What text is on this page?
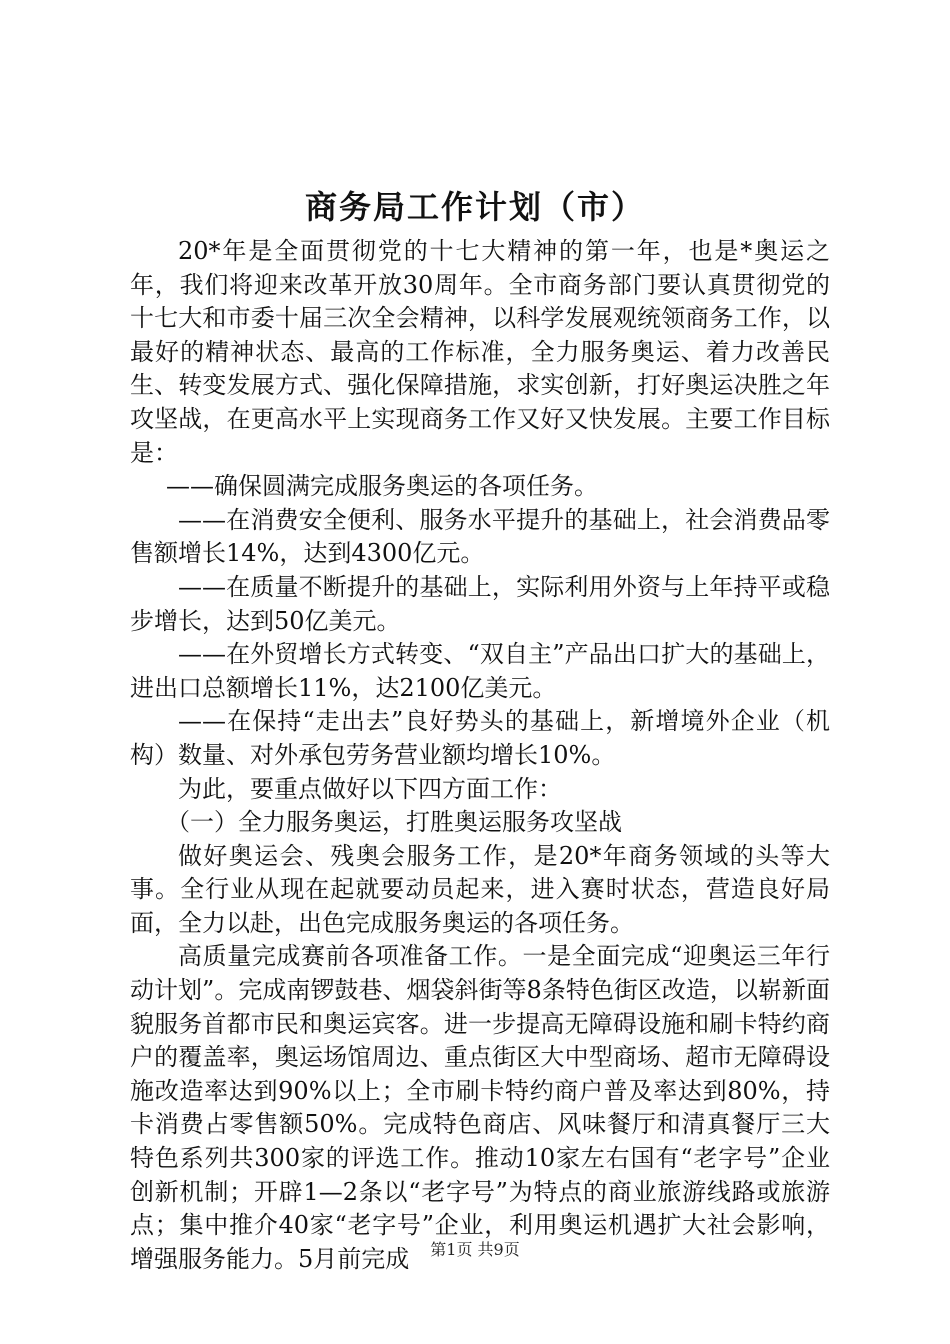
商务局工作计划（市）

20*年是全面贯彻党的十七大精神的第一年，也是*奥运之年，我们将迎来改革开放30周年。全市商务部门要认真贯彻党的十七大和市委十届三次全会精神，以科学发展观统领商务工作，以最好的精神状态、最高的工作标准，全力服务奥运、着力改善民生、转变发展方式、强化保障措施，求实创新，打好奥运决胜之年攻坚战，在更高水平上实现商务工作又好又快发展。主要工作目标是：

——确保圆满完成服务奥运的各项任务。

——在消费安全便利、服务水平提升的基础上，社会消费品零售额增长14%，达到4300亿元。

——在质量不断提升的基础上，实际利用外资与上年持平或稳步增长，达到50亿美元。

——在外贸增长方式转变、“双自主”产品出口扩大的基础上，进出口总额增长11%，达2100亿美元。

——在保持“走出去”良好势头的基础上，新增境外企业（机构）数量、对外承包劳务营业额均增长10%。

为此，要重点做好以下四方面工作：

（一）全力服务奥运，打胜奥运服务攻坚战

做好奥运会、残奥会服务工作，是20*年商务领域的头等大事。全行业从现在起就要动员起来，进入赛时状态，营造良好局面，全力以赴，出色完成服务奥运的各项任务。

高质量完成赛前各项准备工作。一是全面完成“迎奥运三年行动计划”。完成南锣鼓巷、烟袋斜街等8条特色街区改造，以崭新面貌服务首都市民和奥运宾客。进一步提高无障碍设施和刷卡特约商户的覆盖率，奥运场馆周边、重点街区大中型商场、超市无障碍设施改造率达到90%以上；全市刷卡特约商户普及率达到80%，持卡消费占零售额50%。完成特色商店、风味餐厅和清真餐厅三大特色系列共300家的评选工作。推动10家左右国有“老字号”企业创新机制；开辟1—2条以“老字号”为特点的商业旅游线路或旅游点；集中推介40家“老字号”企业，利用奥运机遇扩大社会影响，增强服务能力。5月前完成	第1页 共9页
